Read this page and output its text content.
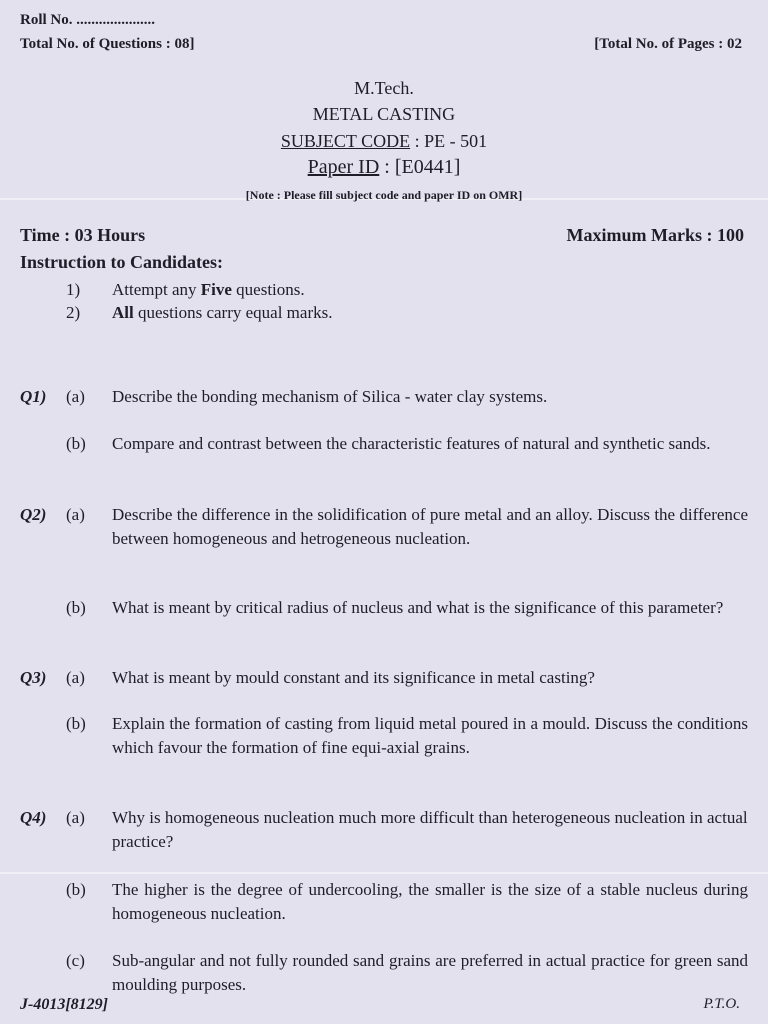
Roll No. .....................
Total No. of Questions : 08]	[Total No. of Pages : 02
M.Tech.
METAL CASTING
SUBJECT CODE : PE - 501
Paper ID : [E0441]
[Note : Please fill subject code and paper ID on OMR]
Time : 03 Hours	Maximum Marks : 100
Instruction to Candidates:
1) Attempt any Five questions.
2) All questions carry equal marks.
Q1) (a) Describe the bonding mechanism of Silica - water clay systems.
(b) Compare and contrast between the characteristic features of natural and synthetic sands.
Q2) (a) Describe the difference in the solidification of pure metal and an alloy. Discuss the difference between homogeneous and hetrogeneous nucleation.
(b) What is meant by critical radius of nucleus and what is the significance of this parameter?
Q3) (a) What is meant by mould constant and its significance in metal casting?
(b) Explain the formation of casting from liquid metal poured in a mould. Discuss the conditions which favour the formation of fine equi-axial grains.
Q4) (a) Why is homogeneous nucleation much more difficult than heterogeneous nucleation in actual practice?
(b) The higher is the degree of undercooling, the smaller is the size of a stable nucleus during homogeneous nucleation.
(c) Sub-angular and not fully rounded sand grains are preferred in actual practice for green sand moulding purposes.
J-4013[8129]	P.T.O.
